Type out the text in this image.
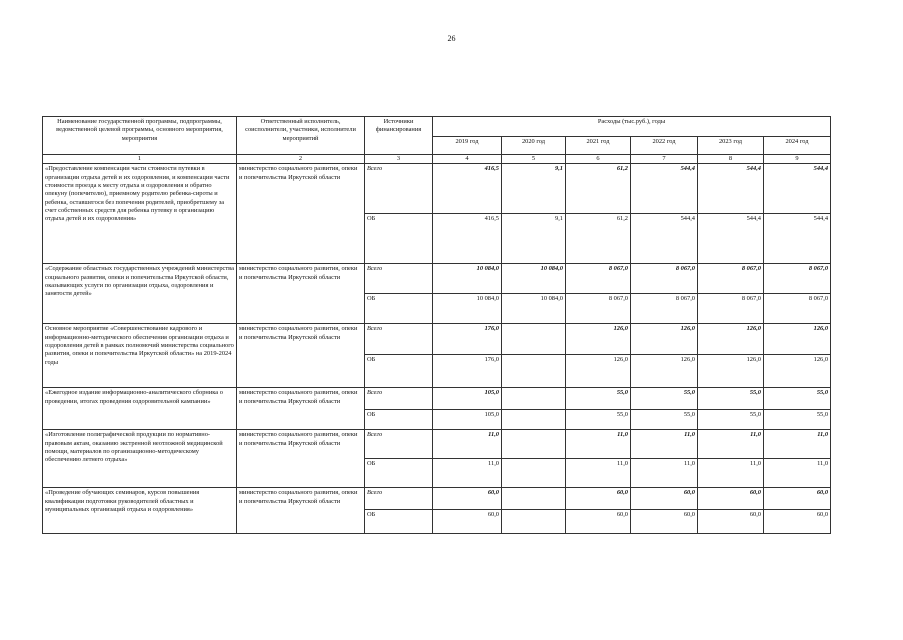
26
Наименование государственной программы, подпрограммы, ведомственной целевой программы, основного мероприятия, мероприятия	Ответственный исполнитель, соисполнители, участники, исполнители мероприятий	Источники финансирования	Расходы (тыс.руб.), годы					
			2019 год	2020 год	2021 год	2022 год	2023 год	2024 год
1	2	3	4	5	6	7	8	9
«Предоставление компенсации части стоимости путевки в организации отдыха детей и их оздоровления, и компенсации части стоимости проезда к месту отдыха и оздоровления и обратно опекуну (попечителю), приемному родителю ребенка-сироты и ребенка, оставшегося без попечения родителей, приобретшему за счет собственных средств для ребенка путевку в организацию отдыха детей и их оздоровления»	министерство социального развития, опеки и попечительства Иркутской области	Всего	416,5	9,1	61,2	544,4	544,4	544,4
		ОБ	416,5	9,1	61,2	544,4	544,4	544,4
«Содержание областных государственных учреждений министерства социального развития, опеки и попечительства Иркутской области, оказывающих услуги по организации отдыха, оздоровления и занятости детей»	министерство социального развития, опеки и попечительства Иркутской области	Всего	10 084,0	10 084,0	8 067,0	8 067,0	8 067,0	8 067,0
		ОБ	10 084,0	10 084,0	8 067,0	8 067,0	8 067,0	8 067,0
Основное мероприятие «Совершенствование кадрового и информационно-методического обеспечения организации отдыха и оздоровления детей в рамках полномочий министерства социального развития, опеки и попечительства Иркутской области» на 2019-2024 годы	министерство социального развития, опеки и попечительства Иркутской области	Всего	176,0		126,0	126,0	126,0	126,0
		ОБ	176,0		126,0	126,0	126,0	126,0
«Ежегодное издание информационно-аналитического сборника о проведении, итогах проведения оздоровительной кампании»	министерство социального развития, опеки и попечительства Иркутской области	Всего	105,0		55,0	55,0	55,0	55,0
		ОБ	105,0		55,0	55,0	55,0	55,0
«Изготовление полиграфической продукции по нормативно-правовым актам, оказанию экстренной неотложной медицинской помощи, материалов по организационно-методическому обеспечению летнего отдыха»	министерство социального развития, опеки и попечительства Иркутской области	Всего	11,0		11,0	11,0	11,0	11,0
		ОБ	11,0		11,0	11,0	11,0	11,0
«Проведение обучающих семинаров, курсов повышения квалификации подготовки руководителей областных и муниципальных организаций отдыха и оздоровления»	министерство социального развития, опеки и попечительства Иркутской области	Всего	60,0		60,0	60,0	60,0	60,0
		ОБ	60,0		60,0	60,0	60,0	60,0
